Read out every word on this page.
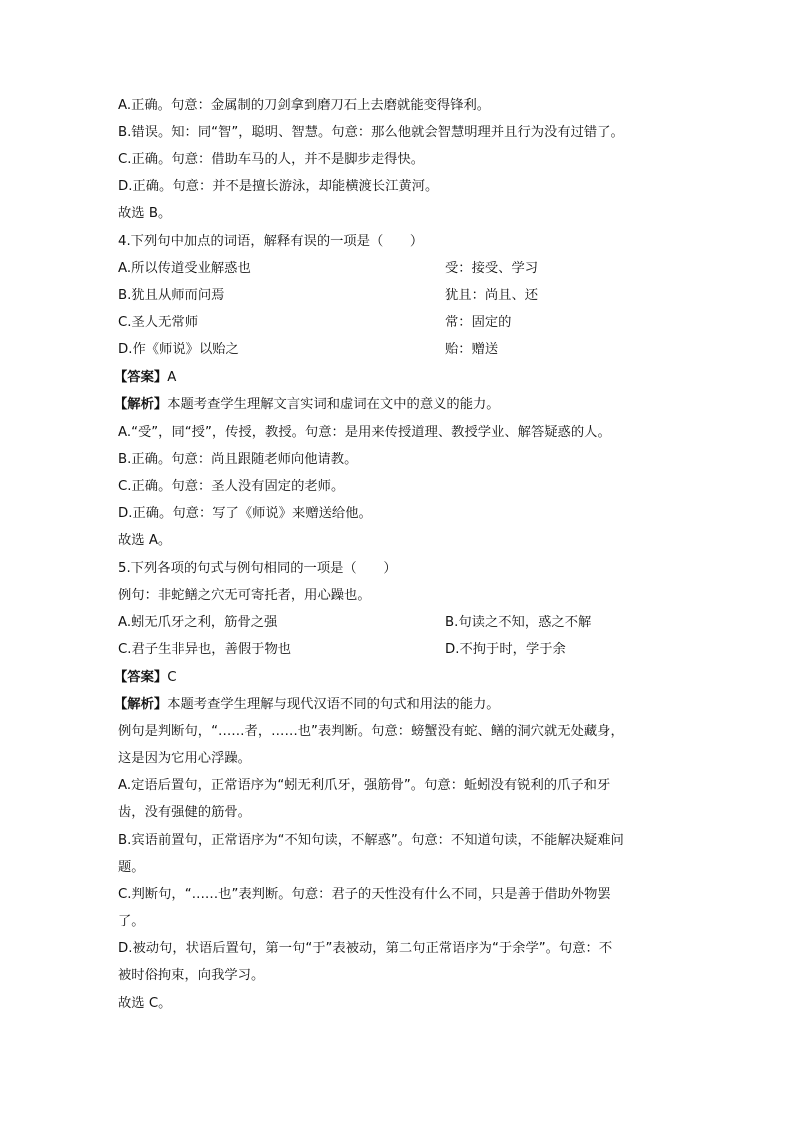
A.正确。句意：金属制的刀剑拿到磨刀石上去磨就能变得锋利。
B.错误。知：同“智”，聪明、智慧。句意：那么他就会智慧明理并且行为没有过错了。
C.正确。句意：借助车马的人，并不是脚步走得快。
D.正确。句意：并不是擅长游泳，却能横渡长江黄河。
故选 B。
4.下列句中加点的词语，解释有误的一项是（　　）
A.所以传道受业解惑也	受：接受、学习
B.犹且从师而问焉	犹且：尚且、还
C.圣人无常师	常：固定的
D.作《师说》以贻之	贻：赠送
【答案】A
【解析】本题考查学生理解文言实词和虚词在文中的意义的能力。
A.“受”，同“授”，传授，教授。句意：是用来传授道理、教授学业、解答疑惑的人。
B.正确。句意：尚且跟随老师向他请教。
C.正确。句意：圣人没有固定的老师。
D.正确。句意：写了《师说》来赠送给他。
故选 A。
5.下列各项的句式与例句相同的一项是（　　）
例句：非蛇鳝之穴无可寄托者，用心躁也。
A.蚓无爪牙之利，筋骨之强	B.句读之不知，惑之不解
C.君子生非异也，善假于物也	D.不拘于时，学于余
【答案】C
【解析】本题考查学生理解与现代汉语不同的句式和用法的能力。
例句是判断句，“……者，……也”表判断。句意：螃蟹没有蛇、鳝的洞穴就无处藏身，
这是因为它用心浮躁。
A.定语后置句，正常语序为“蚓无利爪牙，强筋骨”。句意：蚯蚓没有锐利的爪子和牙
齿，没有强健的筋骨。
B.宾语前置句，正常语序为“不知句读，不解惑”。句意：不知道句读，不能解决疑难问
题。
C.判断句，“……也”表判断。句意：君子的天性没有什么不同，只是善于借助外物罢
了。
D.被动句，状语后置句，第一句“于”表被动，第二句正常语序为“于余学”。句意：不
被时俗拘束，向我学习。
故选 C。
